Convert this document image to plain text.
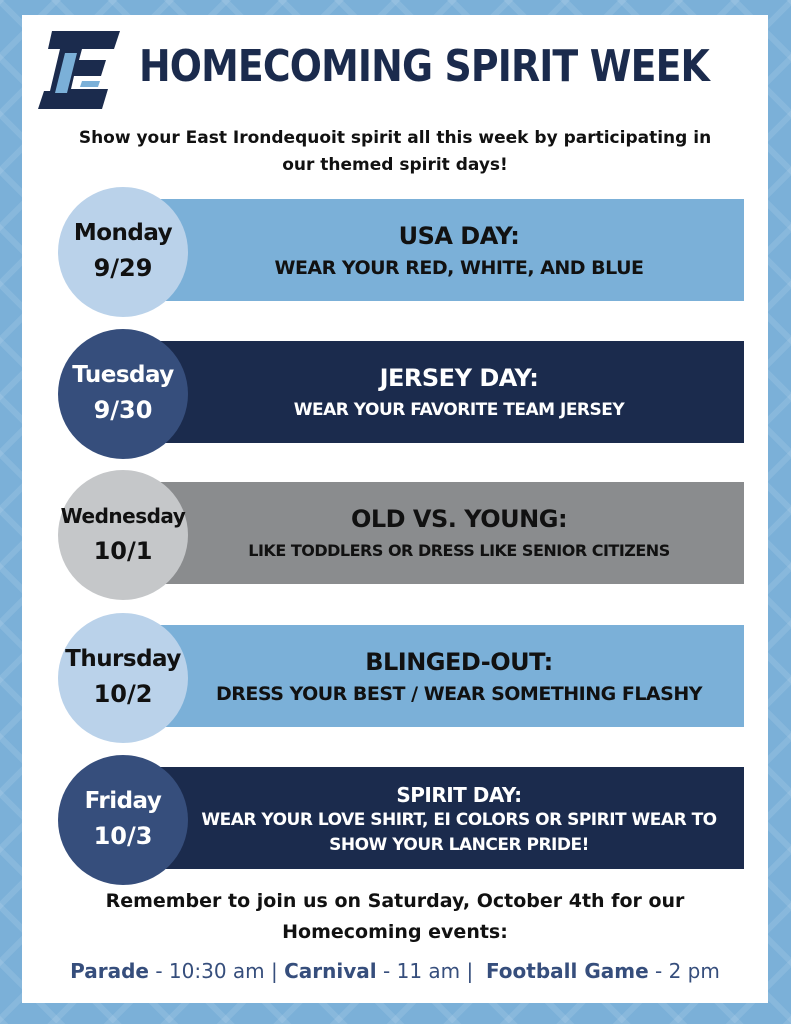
HOMECOMING SPIRIT WEEK
Show your East Irondequoit spirit all this week by participating in our themed spirit days!
USA DAY:
WEAR YOUR RED, WHITE, AND BLUE
Monday
9/29
JERSEY DAY:
WEAR YOUR FAVORITE TEAM JERSEY
Tuesday
9/30
OLD VS. YOUNG:
LIKE TODDLERS OR DRESS LIKE SENIOR CITIZENS
Wednesday
10/1
BLINGED-OUT:
DRESS YOUR BEST / WEAR SOMETHING FLASHY
Thursday
10/2
SPIRIT DAY:
WEAR YOUR LOVE SHIRT, EI COLORS OR SPIRIT WEAR TO SHOW YOUR LANCER PRIDE!
Friday
10/3
Remember to join us on Saturday, October 4th for our Homecoming events:
Parade - 10:30 am | Carnival - 11 am | Football Game - 2 pm
